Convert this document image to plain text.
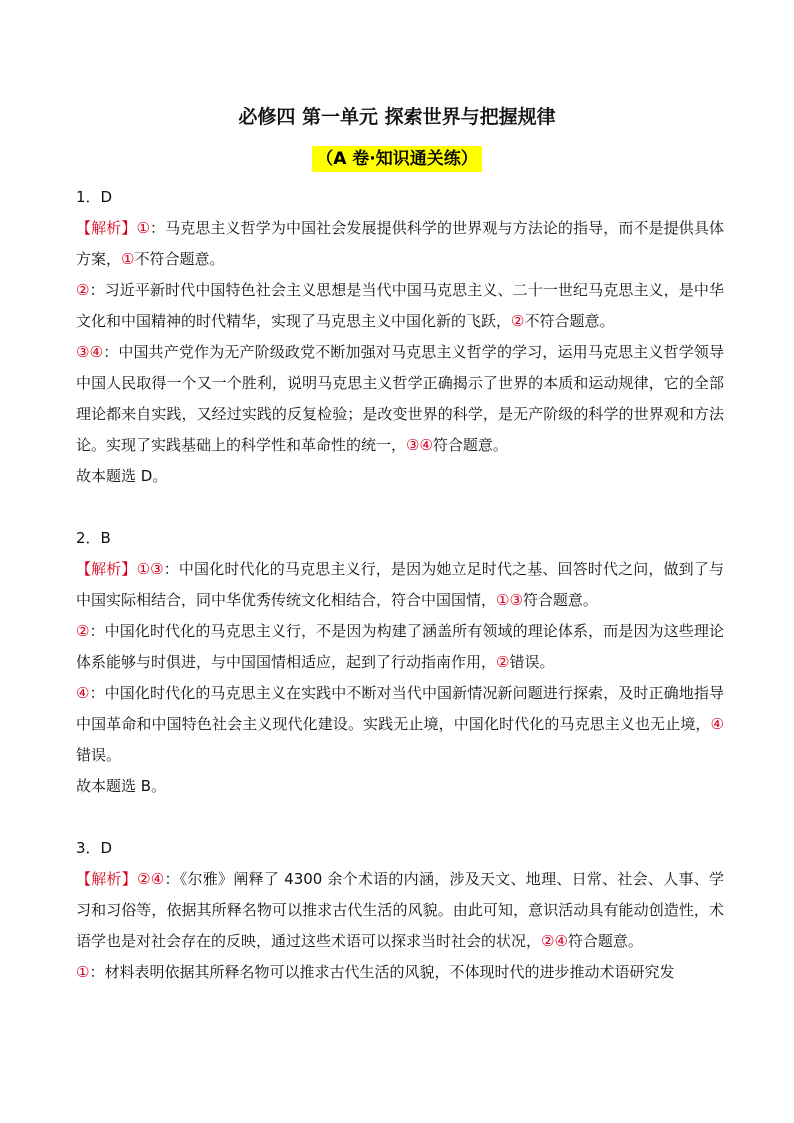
必修四 第一单元 探索世界与把握规律
（A 卷·知识通关练）
1．D

【解析】①：马克思主义哲学为中国社会发展提供科学的世界观与方法论的指导，而不是提供具体方案，①不符合题意。

②：习近平新时代中国特色社会主义思想是当代中国马克思主义、二十一世纪马克思主义，是中华文化和中国精神的时代精华，实现了马克思主义中国化新的飞跃，②不符合题意。

③④：中国共产党作为无产阶级政党不断加强对马克思主义哲学的学习，运用马克思主义哲学领导中国人民取得一个又一个胜利，说明马克思主义哲学正确揭示了世界的本质和运动规律，它的全部理论都来自实践，又经过实践的反复检验；是改变世界的科学，是无产阶级的科学的世界观和方法论。实现了实践基础上的科学性和革命性的统一，③④符合题意。

故本题选 D。
2．B

【解析】①③：中国化时代化的马克思主义行，是因为她立足时代之基、回答时代之问，做到了与中国实际相结合，同中华优秀传统文化相结合，符合中国国情，①③符合题意。

②：中国化时代化的马克思主义行，不是因为构建了涵盖所有领域的理论体系，而是因为这些理论体系能够与时俱进，与中国国情相适应，起到了行动指南作用，②错误。

④：中国化时代化的马克思主义在实践中不断对当代中国新情况新问题进行探索，及时正确地指导中国革命和中国特色社会主义现代化建设。实践无止境，中国化时代化的马克思主义也无止境，④错误。

故本题选 B。
3．D

【解析】②④：《尔雅》阐释了 4300 余个术语的内涵，涉及天文、地理、日常、社会、人事、学习和习俗等，依据其所释名物可以推求古代生活的风貌。由此可知，意识活动具有能动创造性，术语学也是对社会存在的反映，通过这些术语可以探求当时社会的状况，②④符合题意。

①：材料表明依据其所释名物可以推求古代生活的风貌，不体现时代的进步推动术语研究发
